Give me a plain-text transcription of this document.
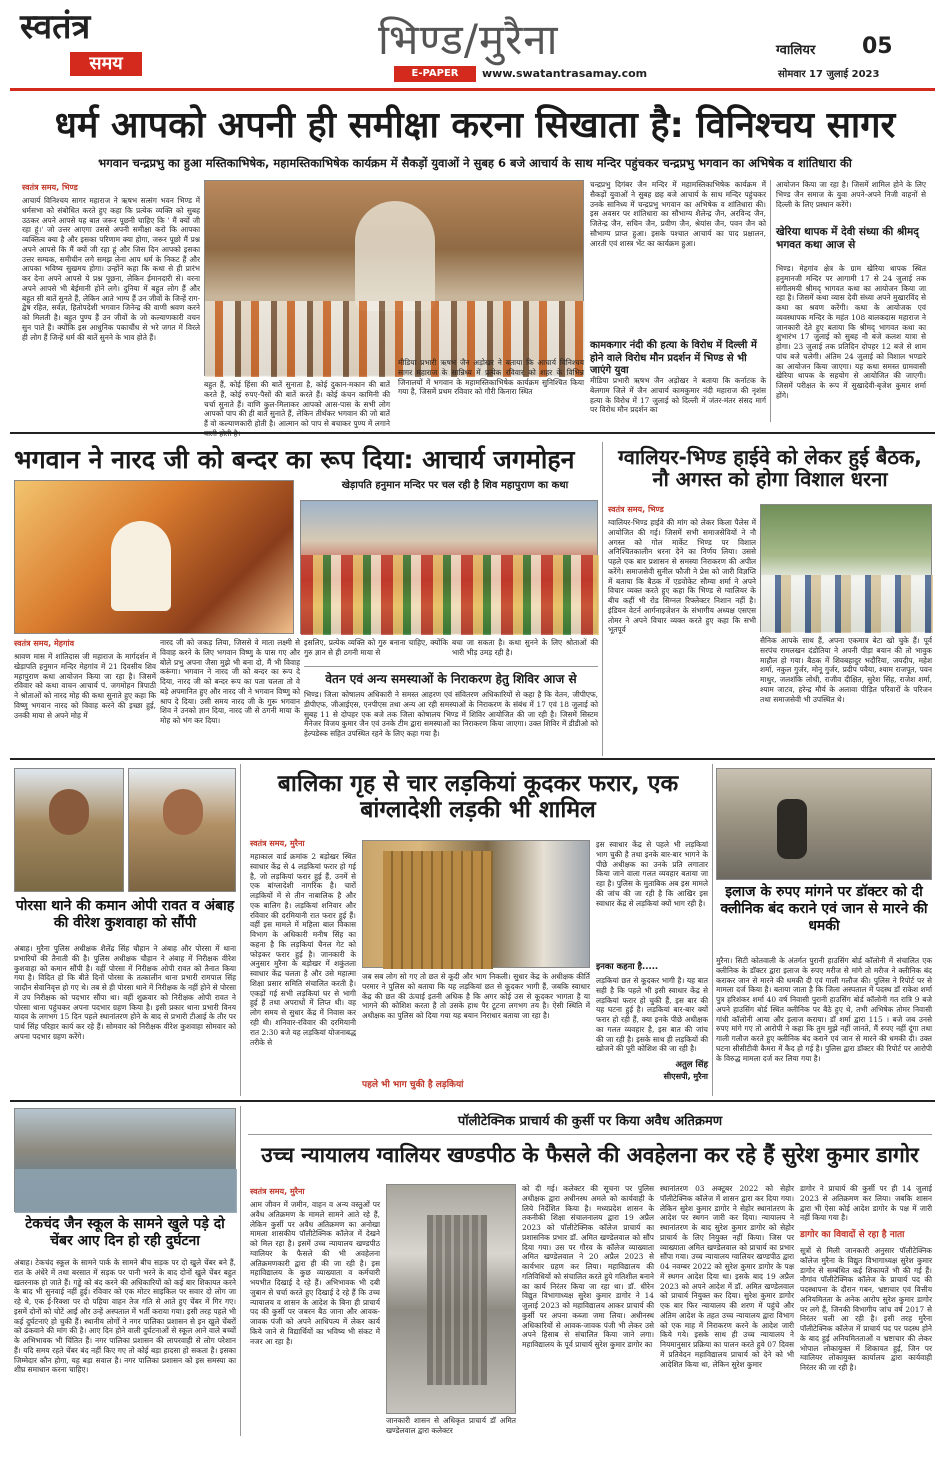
स्वतंत्र
समय	भिण्ड/मुरैना
E-PAPER	www.swatantrasamay.com
ग्वालियर 05
सोमवार 17 जुलाई 2023
धर्म आपको अपनी ही समीक्षा करना सिखाता है: विनिश्चय सागर
भगवान चन्द्रप्रभु का हुआ मस्तिकाभिषेक, महामस्तिकाभिषेक कार्यक्रम में सैकड़ों युवाओं ने सुबह 6 बजे आचार्य के साथ मन्दिर पहुंचकर चन्द्रप्रभु भगवान का अभिषेक व शांतिधारा की
स्वतंत्र समय, भिण्ड
आचार्य विनिश्चय सागर महाराज ने ऋषभ सत्संग भवन भिण्ड में धर्मसभा को संबोधित करते हुए कहा कि प्रत्येक व्यक्ति को सुबह उठकर अपने आपसे यह बात जरूर पूछनी चाहिए कि ' मैं क्यों जी रहा हूं।' जो उत्तर आएगा उससे अपनी समीक्षा करो कि आपका व्यक्तित्व क्या है और इसका परिणाम क्या होगा, जरूर पूछो मैं प्रश्न अपने आपसे कि मैं क्यों जी रहा हूं और जिस दिन आपको इसका उत्तर सम्यक, समीचीन लगे समझ लेना आप धर्म के निकट हैं और आपका भविष्य सुखमय होगा। उन्होंने कहा कि कथा से ही प्रारंभ कर देना अपने आपसे ये प्रश्न पूछना, लेकिन ईमानदारी से। वरना अपने आपसे भी बेईमानी होने लगे। दुनिया में बहुत लोग हैं और बहुत सी बातें सुनते हैं, लेकिन आते भाग्य हैं उन जीवों के जिन्हें राग-द्वेष रहित, सर्वज्ञ, हितोपदेशी भगवान जिनेन्द्र की वाणी श्रवण करने को मिलती है। बहुत पुण्य हैं उन जीवों के जो कल्याणकारी वचन सुन पाते हैं। क्योंकि इस आधुनिक पकाचौंध से भरे जगत में विरले ही लोग हैं जिन्हें धर्म की बातें सुनने के भाव होते हैं।
बहुत हैं, कोई हिंसा की बातें सुनाता है, कोई दुकान-मकान की बातें करते हैं, कोई रुपए-पैसों की बातें करते हैं। कोई कंचन कामिनी की चर्चा सुनाते हैं। वाणि कुल-मिलाकर आपको आस-पास के सभी लोग आपको पाप की ही बातें सुनाते हैं, लेकिन तीर्थंकर भगवान की जो बातें हैं वो कल्याणकारी होती है। आत्मान को पाप से बचाकर पुण्य में लगाने
मीडिया प्रभारी ऋषभ जैन अड़ोखर ने बताया कि आचार्य विनिश्चय सागर महाराज के सान्निध्य में प्रत्येक रविवार को शहर के विभिन्न जिनालयों में भगवान के महामस्तिकाभिषेक कार्यक्रम सुनिश्चित किया गया है, जिसमें प्रथम रविवार को गौरी किनारा स्थित
चन्द्रप्रभु दिगंबर जैन मन्दिर में महामस्तिकाभिषेक कार्यक्रम में सैकड़ों युवाओं ने सुबह छह बजे आचार्य के साथ मन्दिर पहुंचकर उनके सानिध्य में चन्द्रप्रभु भगवान का अभिषेक व शांतिधारा की। इस अवसर पर शांतिधारा का सौभाग्य शैलेन्द्र जैन, अरविन्द जैन, जितेन्द्र जैन, सचिन जैन, प्रवीण जैन, श्रेयांस जैन, पवन जैन को सौभाग्य प्राप्त हुआ। इसके पश्चात आचार्य का पाद प्रक्षालन, आरती एवं शास्त्र भेंट का कार्यक्रम हुआ।
कामकगार नंदी की हत्या के विरोध में दिल्ली में होने वाले विरोध मौन प्रदर्शन में भिण्ड से भी जाएंगे युवा
मीडिया प्रभारी ऋषभ जैन अड़ोखर ने बताया कि कर्नाटक के बेलगाम जिले में जैन आचार्य कामकुमार नंदी महाराज की नृशंस हत्या के विरोध में 17 जुलाई को दिल्ली में जंतर-मंतर संसद मार्ग पर विरोध मौन प्रदर्शन का
आयोजन किया जा रहा है। जिसमें शामिल होने के लिए भिण्ड जैन समाज के युवा अपने-अपने निजी वाहनों से दिल्ली के लिए प्रस्थान करेंगे।
खेरिया थापक में देवी संध्या की श्रीमद् भगवत कथा आज से
भिण्ड। मेहगांव क्षेत्र के ग्राम खेरिया थापक स्थित हनुमानजी मन्दिर पर आगामी 17 से 24 जुलाई तक संगीतमयी श्रीमद् भागवत कथा का आयोजन किया जा रहा है। जिसमें कथा व्यास देवी संध्या अपने मुखारविंद से कथा का श्रवण करेंगी। कथा के आयोजक एवं व्यवस्थापक मन्दिर के महंत 108 बालकदास महाराज ने जानकारी देते हुए बताया कि श्रीमद् भागवत कथा का शुभारंभ 17 जुलाई को सुबह नौ बजे कलश यात्रा से होगा। 23 जुलाई तक प्रतिदिन दोपहर 12 बजे से शाम पांच बजे चलेगी। अंतिम 24 जुलाई को विशाल भण्डारे का आयोजन किया जाएगा। यह कथा समस्त ग्रामवासी खेरिया थापक के सहयोग से आयोजित की जाएगी। जिसमें परीक्षत के रूप में सुखादेवी-बृजेश कुमार शर्मा होंगे।
भगवान ने नारद जी को बन्दर का रूप दिया: आचार्य जगमोहन
खेड़ापति हनुमान मन्दिर पर चल रही है शिव महापुराण का कथा
स्वतंत्र समय, मेहगांव
श्रावण मास में शांतिदास जी महाराज के मार्गदर्शन में खेड़ापति हनुमान मन्दिर मेहगांव में 21 दिवसीय शिव महापुराण कथा आयोजन किया जा रहा है। जिसमें रविवार को कथा वाचन आचार्य पं. जगमोहन त्रिपाठी ने श्रोताओं को नारद मोह की कथा सुनाते हुए कहा कि विष्णु भगवान नारद को विवाह करने की इच्छा हुई, उनकी माया से अपने मोह में
नारद जी को जकड़ लिया, जिससे वे माता लक्ष्मी से विवाह करने के लिए भगवान विष्णु के पास गए और बोले प्रभु अपना जैसा मुझे भी बना दो, मैं भी विवाह करूंगा। भगवान ने नारद जी को बन्दर का रूप दे दिया, नारद जी को बन्दर रूप का पता चलता तो वे बड़े अपमानित हुए और नारद जी ने भगवान विष्णु को श्राप दे दिया। उसी समय नारद जी के गुरू भगवान शिव ने उनको ज्ञान दिया, नारद जी से ठगनी माया के मोह को भंग कर दिया।
इसलिए, प्रत्येक व्यक्ति को गुरु बनाना चाहिए, क्योंकि गुरु ज्ञान से ही ठगनी माया से
बचा जा सकता है। कथा सुनने के लिए श्रोताओं की भारी भीड़ उमड़ रही है।
वेतन एवं अन्य समस्याओं के निराकरण हेतु शिविर आज से
भिण्ड। जिला कोषालय अधिकारी ने समस्त आहरण एवं संवितरण अधिकारियों से कहा है कि वेतन, जीपीएफ, डीपीएफ, जीआईएस, एनपीएस तथा अन्य आ रही समस्याओं के निराकरण के संबंध में 17 एवं 18 जुलाई को सुबह 11 से दोपहर एक बजे तक जिला कोषालय भिण्ड में शिविर आयोजित की जा रही है। जिसमें सिस्टम मैनेजर विजय कुमार जैन एवं उनके टीम द्वारा समस्याओं का निराकरण किया जाएगा। उक्त शिविर में डीडीओ को हेल्पडेस्क सहित उपस्थित रहने के लिए कहा गया है।
ग्वालियर-भिण्ड हाईवे को लेकर हुई बैठक, नौ अगस्त को होगा विशाल धरना
स्वतंत्र समय, भिण्ड
ग्वालियर-भिण्ड हाईवे की मांग को लेकर किला पैलेस में आयोजित की गई। जिसमें सभी समाजसेवियों ने नौ अगस्त को गोल मार्केट भिण्ड पर विशाल अनिश्चितकालीन धरना देने का निर्णय लिया। उससे पहले एक बार प्रशासन से समस्या निराकरण की अपील करेंगे। समाजसेवी सुनील फौजी ने प्रेस को जारी विज्ञप्ति में बताया कि बैठक में एडवोकेट सौम्या शर्मा ने अपने विचार व्यक्त करते हुए कहा कि भिण्ड से ग्वालियर के बीच कहीं भी रोड सिग्नल रिफ्लेक्टर निशान नहीं है। इंडियन वेटर्न आर्गनाइजेशन के संभागीय अध्यक्ष एसएस तोमर ने अपने विचार व्यक्त करते हुए कहा कि सभी भूतपूर्व
सैनिक आपके साथ हैं, अपना एकमात्र बेटा खो चुके हैं। पूर्व सरपंच रामलखन दंडोतिया ने अपनी पीड़ा बयान की तो भावुक माहौल हो गया। बैठक में शिवबहादुर भदौरिया, जयदीप, महेश शर्मा, नकुल गुर्जर, मोनू गुर्जर, प्रदीप पवैया, श्याम राजपूत, पवन माथुर, जलशंकि लोधी, राजीव दीक्षित, सुरेश सिंह, राजेश शर्मा, श्याम जाटव, हरेन्द्र मौर्य के अलावा पीड़ित परिवारों के परिजन तथा समाजसेवी भी उपस्थित थे।
पोरसा थाने की कमान ओपी रावत व अंबाह की वीरेश कुशवाहा को सौंपी
अंबाह। मुरैना पुलिस अधीक्षक शैलेंद्र सिंह चौहान ने अंबाह और पोरसा में थाना प्रभारियों की तैनाती की है। पुलिस अधीक्षक चौहान ने अंबाह में निरीक्षक वीरेश कुशवाहा को कमान सौंपी है। वहीं पोरसा में निरीक्षक ओपी रावत को तैनात किया गया है। विदित हो कि बीते दिनों पोरसा के तत्कालीन थाना प्रभारी रामपाल सिंह जादौन सेवानिवृत्त हो गए थे। तब से ही पोरसा थाने में निरीक्षक के नहीं होने से पोरसा में उप निरीक्षक को पदभार सौंपा था। वहीं शुक्रवार को निरीक्षक ओपी रावत ने पोरसा थाना पहुंचकर अपना पदभार ग्रहण किया है। इसी प्रकार थाना प्रभारी विनय यादव के लगभग 15 दिन पहले स्थानांतरण होने के बाद से प्रभारी टीआई के तौर पर पार्थ सिंह परिहार कार्य कर रहे हैं। सोमवार को निरीक्षक वीरेश कुशवाहा सोमवार को अपना पदभार ग्रहण करेंगे।
बालिका गृह से चार लड़कियां कूदकर फरार, एक बांग्लादेशी लड़की भी शामिल
स्वतंत्र समय, मुरैना
महाकाल वार्ड क्रमांक 2 बड़ोखर स्थित स्वाधार केंद्र से 4 लड़कियां फरार हो गई है, जो लड़कियां फरार हुई हैं, उनमें से एक बांग्लादेशी नागरिक है। चारों लड़कियों में से तीन नाबालिक है और एक बालिग है। लड़कियां शनिवार और रविवार की दरमियानी रात फरार हुई हैं। वहीं इस मामले में महिला बाल विकास विभाग के अधिकारी मनीष सिंह का कहना है कि लड़कियां चैनल गेट को फोड़कर फरार हुई है। जानकारी के अनुसार मुरैना के बड़ोखर में शकुंतला स्वाधार केंद्र चलता है और उसे महात्मा शिक्षा प्रसार समिति संचालित करती है। एकड़ों गई सभी लड़कियां घर से भागी हुई हैं तथा अपराधों में लिप्त थी। वह लोग समय से सुधार केंद्र में निवास कर रही थी। शनिवार-रविवार की दरमियानी रात 2:30 बजे यह लड़कियां योजनाबद्ध तरीके से
जब सब लोग सो गए तो छत से कूदी और भाग निकली। सुधार केंद्र के अधीक्षक कीर्ति परमार ने पुलिस को बताया कि यह लड़कियां छत से कूदकर भागी हैं, जबकि स्वाधार केंद्र की छत की ऊंचाई इतनी अधिक है कि अगर कोई उस से कूदकर भागता है या भागने की कोशिश करता है तो उसके हाथ पैर टूटना लगभग तय है। ऐसी स्थिति में अधीक्षक का पुलिस को दिया गया यह बयान निराधार बताया जा रहा है।
पहले भी भाग चुकी है लड़कियां
इस स्वाधार केंद्र से पहले भी लड़कियां भाग चुकी है तथा इनके बार-बार भागने के पीछे अधीक्षक का उनके प्रति लगातार किया जाने वाला गलत व्यवहार बताया जा रहा है। पुलिस के मुताबिक अब इस मामले की जांच की जा रही है कि आखिर इस स्वाधार केंद्र से लड़कियां क्यों भाग रही है।
इनका कहना है.....
लड़कियां छत से कूदकर भागी है। यह बात सही है कि पहले भी इसी स्वाधार केंद्र से लड़कियां फरार हो चुकी हैं, इस बार की यह घटना हुई है। लड़कियां बार-बार क्यों फरार हो रही हैं, क्या इनके पीछे अधीक्षक का गलत व्यवहार है, इस बात की जांच की जा रही है। इसके साथ ही लड़कियों की खोजने की पूरी कोशिश की जा रही है।
अतुल सिंह
सीएसपी, मुरैना
इलाज के रुपए मांगने पर डॉक्टर को दी क्लीनिक बंद कराने एवं जान से मारने की धमकी
मुरैना। सिटी कोतवाली के अंतर्गत पुरानी हाउसिंग बोर्ड कॉलोनी में संचालित एक क्लीनिक के डॉक्टर द्वारा इलाज के रुपए मरीज से मांगे तो मरीज ने क्लीनिक बंद कराकर जान से मारने की धमकी दी एवं गाली गलौज की। पुलिस ने रिपोर्ट पर से मामला दर्ज किया है। बताया जाता है कि जिला अस्पताल में पदस्थ डॉ राकेश शर्मा पुत्र हरिशंकर शर्मा 40 वर्ष निवासी पुरानी हाउसिंग बोर्ड कॉलोनी गत रात्रि 9 बजे अपने हाउसिंग बोर्ड स्थित क्लीनिक पर बैठे हुए थे, तभी अभिषेक तोमर निवासी गांधी कॉलोनी आया और इलाज कराया। डॉ शर्मा द्वारा 115 । बजे जब उनसे रुपए मांगे गए तो आरोपी ने कहा कि तुम मुझे नहीं जानते, मैं रुपए नहीं दूंगा तथा गाली गलौज करते हुए क्लीनिक बंद कराने एवं जान से मारने की धमकी दी। उक्त घटना सीसीटीवी कैमरा में कैद हो गई है। पुलिस द्वारा डॉक्टर की रिपोर्ट पर आरोपी के विरुद्ध मामला दर्ज कर लिया गया है।
टेकचंद जैन स्कूल के सामने खुले पड़े दो चेंबर आए दिन हो रही दुर्घटना
अंबाह। टेकचंद स्कूल के सामने पार्क के सामने बीच सड़क पर दो खुले चेंबर बने हैं, रात के अंधेरे में तथा बरसात में सड़क पर पानी भरने के बाद दोनों खुले चेंबर बहुत खतरनाक हो जाते हैं। गड्ढे को बंद करने की अधिकारियों को कई बार शिकायत करने के बाद भी सुनवाई नहीं हुई। रविवार को एक मोटर साइकिल पर सवार दो लोग जा रहे थे, एक ई-रिक्शा पर दो पहिया वाहन तेज गति से आते हुए चेंबर में गिर गए। इसमें दोनों को चोटें आईं और उन्हें अस्पताल में भर्ती कराया गया। इसी तरह पहले भी कई दुर्घटनाएं हो चुकी हैं। स्थानीय लोगों ने नगर पालिका प्रशासन से इन खुले चेंबरों को ढंकवाने की मांग की है। आए दिन होने वाली दुर्घटनाओं से स्कूल आने वाले बच्चों के अभिभावक भी चिंतित हैं। नगर पालिका प्रशासन की लापरवाही से लोग परेशान हैं। यदि समय रहते चेंबर बंद नहीं किए गए तो कोई बड़ा हादसा हो सकता है। इसका जिम्मेदार कौन होगा, यह बड़ा सवाल है। नगर पालिका प्रशासन को इस समस्या का शीघ्र समाधान करना चाहिए।
पॉलीटेक्निक प्राचार्य की कुर्सी पर किया अवैध अतिक्रमण
उच्च न्यायालय ग्वालियर खण्डपीठ के फैसले की अवहेलना कर रहे हैं सुरेश कुमार डागोर
स्वतंत्र समय, मुरैना
आम जीवन में जमीन, वाहन व अन्य वस्तुओं पर अवैध अतिक्रमण के मामले सामने आते रहे हैं, लेकिन कुर्सी पर अवैध अतिक्रमण का अनोखा मामला शासकीय पॉलीटेक्निक कॉलेज में देखने को मिल रहा है। इसमें उच्च न्यायालय खण्डपीठ ग्वालियर के फैसले की भी अवहेलना अतिक्रमणकारी द्वारा ही की जा रही है। इस महाविद्यालय के कुछ व्याख्याता व कर्मचारी भयभीत दिखाई दे रहे हैं। अभिभावक भी दबी जुबान से चर्चा करते हुए दिखाई दे रहे हैं कि उच्च न्यायालय व शासन के आदेश के बिना ही प्राचार्य पद की कुर्सी पर जबरन बैठ जाना और आवक-जावक पंजी को अपने आधिपत्य में लेकर कार्य किये जाने से विद्यार्थियों का भविष्य भी संकट में नजर आ रहा है।
जानकारी शासन से अधिकृत प्राचार्य डॉ अमित खण्डेलवाल द्वारा कलेक्टर
को दी गई। कलेक्टर की सूचना पर पुलिस अधीक्षक द्वारा अधीनस्थ अमले को कार्यवाही के लिये निर्देशित किया है। मध्यप्रदेश शासन के तकनीकी शिक्षा संचालनालय द्वारा 19 अप्रैल 2023 को पॉलीटेक्निक कॉलेज प्राचार्य का प्रशासनिक प्रभार डॉ. अमित खण्डेलवाल को सौंप दिया गया। उस पर गौरव के कॉलेज व्याख्याता अमित खण्डेलवाल ने 20 अप्रैल 2023 से कार्यभार ग्रहण कर लिया। महाविद्यालय की गतिविधियों को संचालित करते हुये गतिशील बनाने का कार्य निरंतर किया जा रहा था। डॉ. धीरेन विद्युत विभागाध्यक्ष सुरेश कुमार डागोर ने 14 जुलाई 2023 को महाविद्यालय आकर प्राचार्य की कुर्सी पर अपना कब्जा जमा लिया। अधीनस्थ अधिकारियों से आवक-जावक पंजी भी लेकर उसे अपने हिसाब से संचालित किया जाने लगा। महाविद्यालय के पूर्व प्राचार्य सुरेश कुमार डागोर का
स्थानांतरण 03 अक्टूबर 2022 को सेहोर पॉलीटेक्निक कॉलेज में शासन द्वारा कर दिया गया। लेकिन सुरेश कुमार डागोर ने सेहोर स्थानांतरण के आदेश पर स्थगन जारी कर दिया। न्यायालय ने स्थानांतरण के बाद सुरेश कुमार डागोर को सेहोर प्राचार्य के लिए नियुक्त नहीं किया। जिस पर व्याख्याता अमित खण्डेलवाल को प्राचार्य का प्रभार सौंपा गया। उच्च न्यायालय ग्वालियर खण्डपीठ द्वारा 04 नवम्बर 2022 को सुरेश कुमार डागोर के पक्ष में स्थगन आदेश दिया था। इसके बाद 19 अप्रैल 2023 को अपने आदेश में डॉ. अमित खण्डेलवाल को प्राचार्य नियुक्त कर दिया। सुरेश कुमार डागोर एक बार फिर न्यायालय की शरण में पहुंचे और अंतिम आदेश के तहत उच्च न्यायालय द्वारा विभाग को एक माह में निराकरण करने के आदेश जारी किये गये। इसके साथ ही उच्च न्यायालय ने नियमानुसार प्रक्रिया का पालन करते हुये 07 दिवस में प्रतिवेदन महाविद्यालय प्राचार्य को देने को भी आदेशित किया था, लेकिन सुरेश कुमार
डागोर ने प्राचार्य की कुर्सी पर ही 14 जुलाई 2023 से अतिक्रमण कर लिया। जबकि शासन द्वारा भी ऐसा कोई आदेश डागोर के पक्ष में जारी नहीं किया गया है।
डागोर का विवादों से रहा है नाता
सूत्रों से मिली जानकारी अनुसार पॉलीटेक्निक कॉलेज मुरैना के विद्युत विभागाध्यक्ष सुरेश कुमार डागोर से सम्बंधित कई शिकायतें भी की गई हैं। नौगांव पॉलीटेक्निक कॉलेज के प्राचार्य पद की पदस्थापना के दौरान गबन, भ्रष्टाचार एवं वित्तीय अनियमितता के अनेक आरोप सुरेश कुमार डागोर पर लगे हैं, जिनकी विभागीय जांच वर्ष 2017 से निरंतर चली आ रही है। इसी तरह मुरैना पॉलीटेक्निक कॉलेज में प्राचार्य पद पर पदस्थ होने के बाद हुई अनियमितताओं व भ्रष्टाचार की लेकर भोपाल लोकायुक्त में शिकायत हुई, जिन पर ग्वालियर लोकायुक्त कार्यालय द्वारा कार्यवाही निरंतर की जा रही है।
